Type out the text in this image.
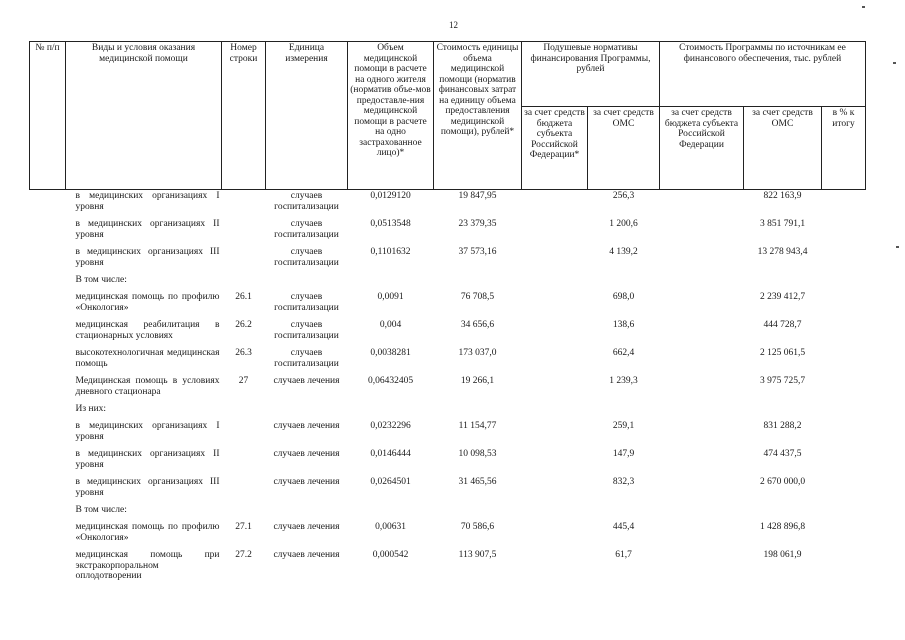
12
№ п/п	Виды и условия оказания медицинской помощи	Номер строки	Единица измерения	Объем медицинской помощи в расчете на одного жителя (норматив объе-мов предоставле-ния медицинской помощи в расчете на одно застрахованное лицо)*	Стоимость единицы объема медицинской помощи (норматив финансовых затрат на единицу объема предоставления медицинской помощи), рублей*	Подушевые нормативы финансирования Программы, рублей		Стоимость Программы по источникам ее финансового обеспечения, тыс. рублей		
						за счет средств бюджета субъекта Российской Федерации*	за счет средств ОМС	за счет средств бюджета субъекта Российской Федерации	за счет средств ОМС	в % к итогу
	в медицинских организациях I уровня		случаев госпитализации	0,0129120	19 847,95		256,3		822 163,9	
	в медицинских организациях II уровня		случаев госпитализации	0,0513548	23 379,35		1 200,6		3 851 791,1	
	в медицинских организациях III уровня		случаев госпитализации	0,1101632	37 573,16		4 139,2		13 278 943,4	
	В том числе:									
	медицинская помощь по профилю «Онкология»	26.1	случаев госпитализации	0,0091	76 708,5		698,0		2 239 412,7	
	медицинская реабилитация в стационарных условиях	26.2	случаев госпитализации	0,004	34 656,6		138,6		444 728,7	
	высокотехнологичная медицинская помощь	26.3	случаев госпитализации	0,0038281	173 037,0		662,4		2 125 061,5	
	Медицинская помощь в условиях дневного стационара	27	случаев лечения	0,06432405	19 266,1		1 239,3		3 975 725,7	
	Из них:									
	в медицинских организациях I уровня		случаев лечения	0,0232296	11 154,77		259,1		831 288,2	
	в медицинских организациях II уровня		случаев лечения	0,0146444	10 098,53		147,9		474 437,5	
	в медицинских организациях III уровня		случаев лечения	0,0264501	31 465,56		832,3		2 670 000,0	
	В том числе:									
	медицинская помощь по профилю «Онкология»	27.1	случаев лечения	0,00631	70 586,6		445,4		1 428 896,8	
	медицинская помощь при экстракорпоральном оплодотворении	27.2	случаев лечения	0,000542	113 907,5		61,7		198 061,9	
